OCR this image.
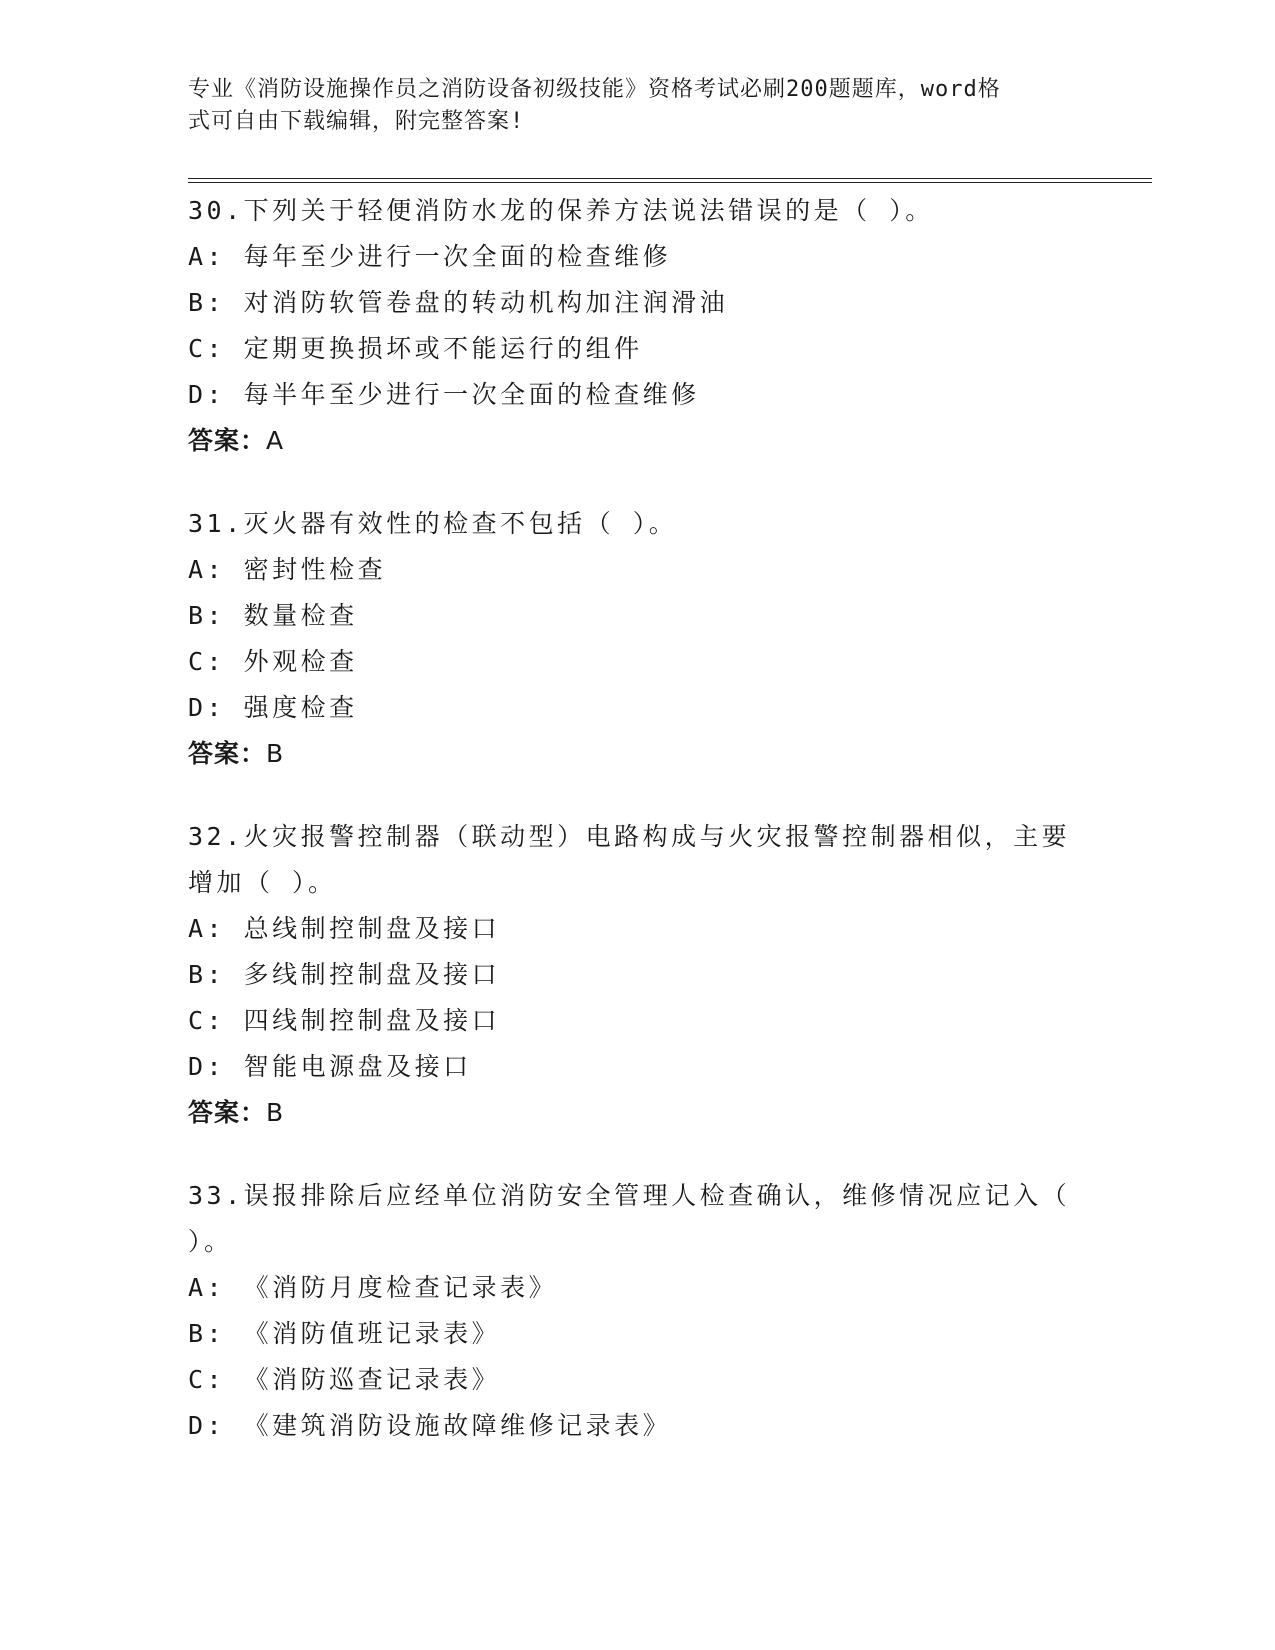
专业《消防设施操作员之消防设备初级技能》资格考试必刷200题题库，word格
式可自由下载编辑，附完整答案!
30.下列关于轻便消防水龙的保养方法说法错误的是（ ）。
A: 每年至少进行一次全面的检查维修
B: 对消防软管卷盘的转动机构加注润滑油
C: 定期更换损坏或不能运行的组件
D: 每半年至少进行一次全面的检查维修
答案：A
31.灭火器有效性的检查不包括（ ）。
A: 密封性检查
B: 数量检查
C: 外观检查
D: 强度检查
答案：B
32.火灾报警控制器（联动型）电路构成与火灾报警控制器相似，主要增加（ ）。
A: 总线制控制盘及接口
B: 多线制控制盘及接口
C: 四线制控制盘及接口
D: 智能电源盘及接口
答案：B
33.误报排除后应经单位消防安全管理人检查确认，维修情况应记入（ ）。
A: 《消防月度检查记录表》
B: 《消防值班记录表》
C: 《消防巡查记录表》
D: 《建筑消防设施故障维修记录表》
